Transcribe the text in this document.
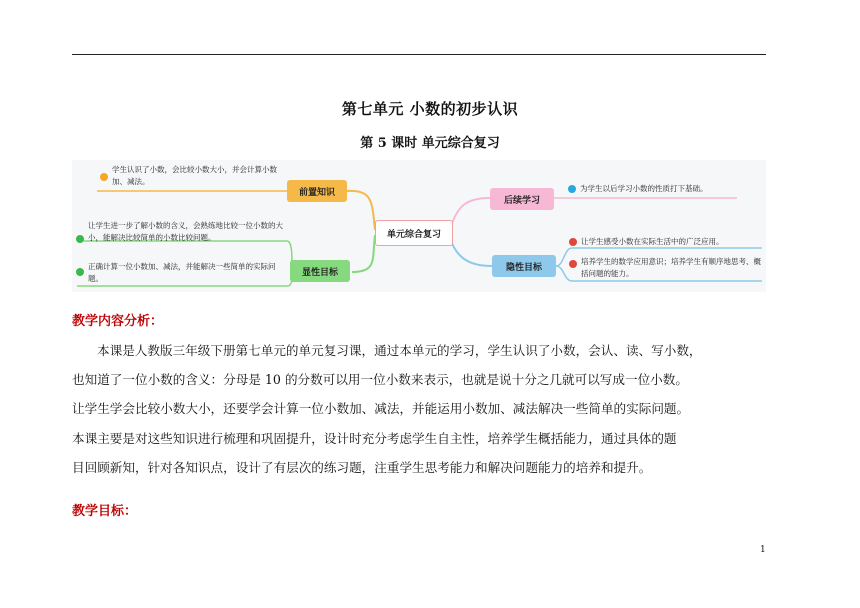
第七单元 小数的初步认识
第 5 课时 单元综合复习
单元综合复习
前置知识
显性目标
后续学习
隐性目标
学生认识了小数，会比较小数大小，并会计算小数加、减法。
让学生进一步了解小数的含义，会熟练地比较一位小数的大小，能解决比较简单的小数比较问题。
正确计算一位小数加、减法，并能解决一些简单的实际问题。
为学生以后学习小数的性质打下基础。
让学生感受小数在实际生活中的广泛应用。
培养学生的数学应用意识；培养学生有顺序地思考、概括问题的能力。
教学内容分析：
本课是人教版三年级下册第七单元的单元复习课，通过本单元的学习，学生认识了小数，会认、读、写小数，
也知道了一位小数的含义：分母是 10 的分数可以用一位小数来表示，也就是说十分之几就可以写成一位小数。
让学生学会比较小数大小，还要学会计算一位小数加、减法，并能运用小数加、减法解决一些简单的实际问题。
本课主要是对这些知识进行梳理和巩固提升，设计时充分考虑学生自主性，培养学生概括能力，通过具体的题
目回顾新知，针对各知识点，设计了有层次的练习题，注重学生思考能力和解决问题能力的培养和提升。
教学目标：
1
